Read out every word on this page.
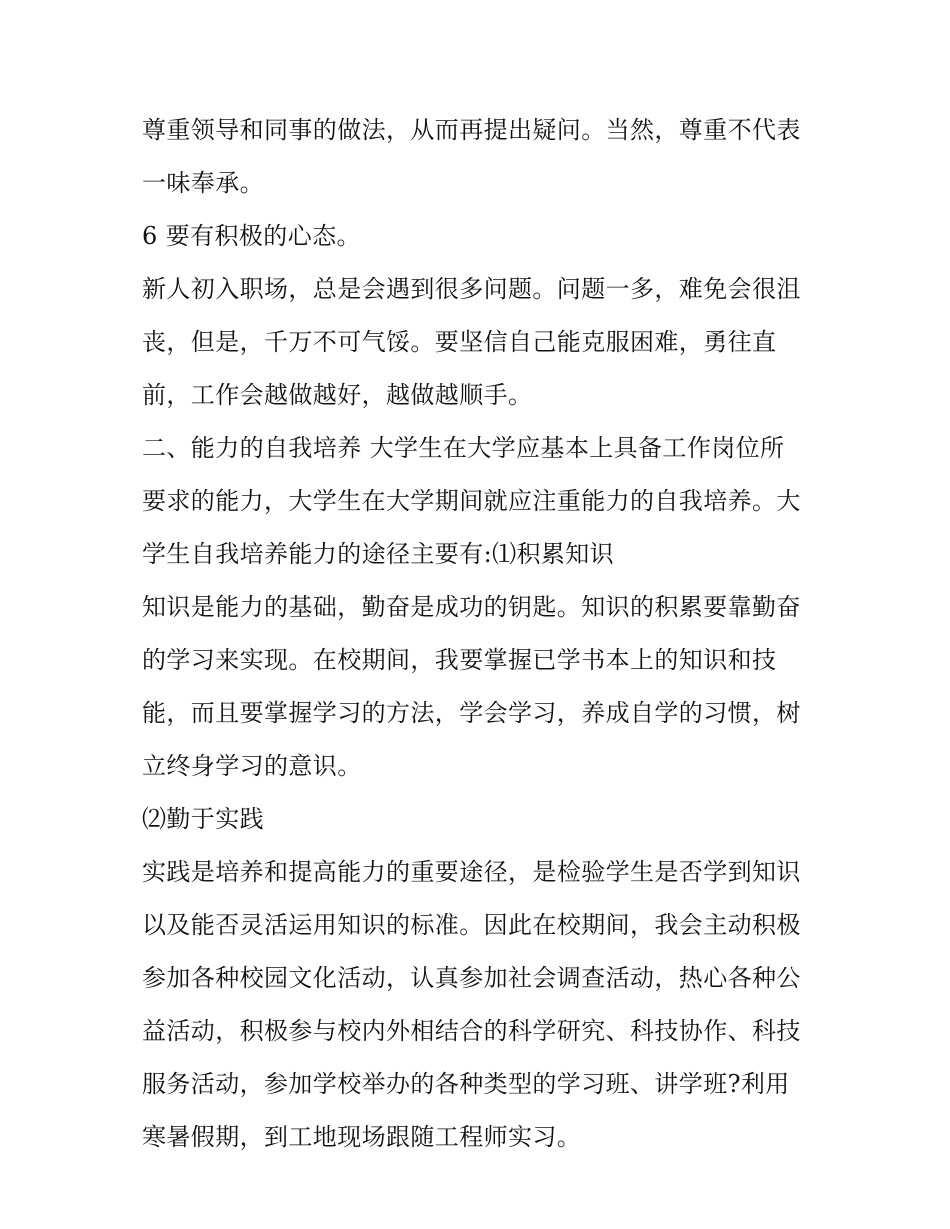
尊重领导和同事的做法，从而再提出疑问。当然，尊重不代表
一味奉承。
6 要有积极的心态。
新人初入职场，总是会遇到很多问题。问题一多，难免会很沮
丧，但是，千万不可气馁。要坚信自己能克服困难，勇往直
前，工作会越做越好，越做越顺手。
二、能力的自我培养 大学生在大学应基本上具备工作岗位所
要求的能力，大学生在大学期间就应注重能力的自我培养。大
学生自我培养能力的途径主要有:⑴积累知识
知识是能力的基础，勤奋是成功的钥匙。知识的积累要靠勤奋
的学习来实现。在校期间，我要掌握已学书本上的知识和技
能，而且要掌握学习的方法，学会学习，养成自学的习惯，树
立终身学习的意识。
⑵勤于实践
实践是培养和提高能力的重要途径，是检验学生是否学到知识
以及能否灵活运用知识的标准。因此在校期间，我会主动积极
参加各种校园文化活动，认真参加社会调查活动，热心各种公
益活动，积极参与校内外相结合的科学研究、科技协作、科技
服务活动，参加学校举办的各种类型的学习班、讲学班?利用
寒暑假期，到工地现场跟随工程师实习。
